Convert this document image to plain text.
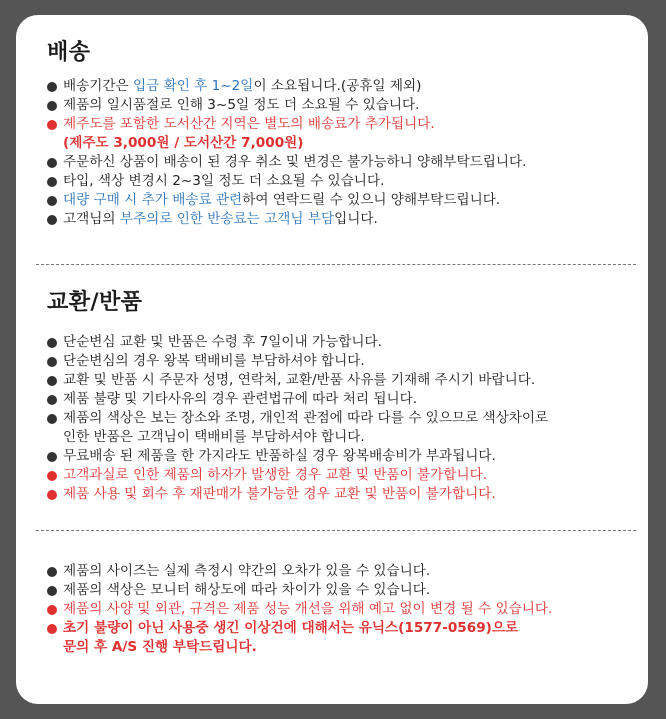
배송
배송기간은 입금 확인 후 1~2일이 소요됩니다.(공휴일 제외)
제품의 일시품절로 인해 3~5일 정도 더 소요될 수 있습니다.
제주도를 포함한 도서산간 지역은 별도의 배송료가 추가됩니다.
(제주도 3,000원 / 도서산간 7,000원)
주문하신 상품이 배송이 된 경우 취소 및 변경은 불가능하니 양해부탁드립니다.
타입, 색상 변경시 2~3일 정도 더 소요될 수 있습니다.
대량 구매 시 추가 배송료 관련하여 연락드릴 수 있으니 양해부탁드립니다.
고객님의 부주의로 인한 반송료는 고객님 부담입니다.
교환/반품
단순변심 교환 및 반품은 수령 후 7일이내 가능합니다.
단순변심의 경우 왕복 택배비를 부담하셔야 합니다.
교환 및 반품 시 주문자 성명, 연락처, 교환/반품 사유를 기재해 주시기 바랍니다.
제품 불량 및 기타사유의 경우 관련법규에 따라 처리 됩니다.
제품의 색상은 보는 장소와 조명, 개인적 관점에 따라 다를 수 있으므로 색상차이로
인한 반품은 고객님이 택배비를 부담하셔야 합니다.
무료배송 된 제품을 한 가지라도 반품하실 경우 왕복배송비가 부과됩니다.
고객과실로 인한 제품의 하자가 발생한 경우 교환 및 반품이 불가합니다.
제품 사용 및 회수 후 재판매가 불가능한 경우 교환 및 반품이 불가합니다.
제품의 사이즈는 실제 측정시 약간의 오차가 있을 수 있습니다.
제품의 색상은 모니터 해상도에 따라 차이가 있을 수 있습니다.
제품의 사양 및 외관, 규격은 제품 성능 개선을 위해 예고 없이 변경 될 수 있습니다.
초기 불량이 아닌 사용중 생긴 이상건에 대해서는 유닉스(1577-0569)으로
문의 후 A/S 진행 부탁드립니다.
